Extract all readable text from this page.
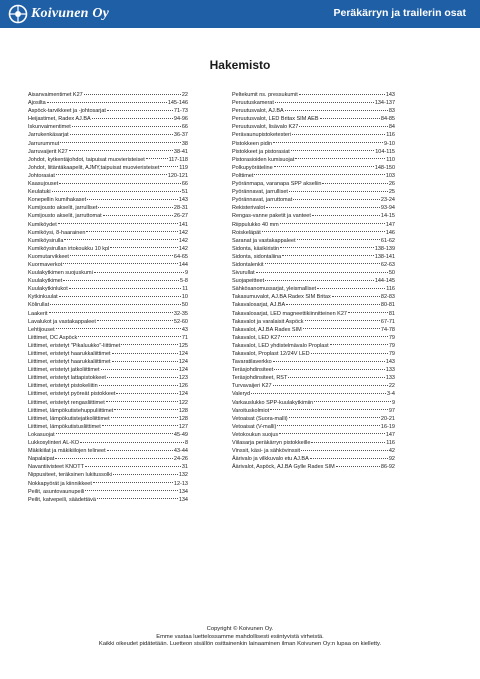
Koivunen Oy	Peräkärryn ja trailerin osat
Hakemisto
Aisanvaimentimet K27	22
Ajosilta	145-146
Aspöck-tarvikkeet ja -johtosarjat	71-73
Heijastimet, Radex AJ.BA	94-96
Iskunvaimentimet	66
Jarrukenkäsarjat	36-37
Jarrurummut	38
Jarruvaijerit K27	38-41
Johdot, kytkentäjohdot, taipuisat muovieristeiset	117-118
Johdot, liitäntäkaapelit, AJMY,taipuisat muovieristeiset	119
Johtorasiat	120-121
Kaasujouset	66
Keulatuki	51
Konepellin kumihakaset	143
Kumijousto akselit, jarrulliset	28-31
Kumijousto akselit, jarruttomat	26-27
Kumiköydet	141
Kumiköysi, 8-haarainen	142
Kumiköysirulla	142
Kumiköysirullan irtokoukku 10 kpl	142
Kuomutarvikkeet	64-65
Kuormaverkot	144
Kuulakytkimen suojuskumi	9
Kuulakytkimet	5-8
Kuulakytkinlukot	11
Kytkinkuulat	10
Kölirullat	50
Laakerit	32-35
Lavalukot ja vastakappaleet	52-60
Lehtijouset	43
Liittimet, DC Aspöck	71
Liittimet, eristetyt "Pikaluukko"-liittimet	125
Liittimet, eristetyt haarukkaliittimet	124
Liittimet, eristetyt haarukkaliittimet	124
Liittimet, eristetyt jatkoliittimet	124
Liittimet, eristetyt lattapistokkeet	123
Liittimet, eristetyt pistokeliitin	126
Liittimet, eristetyt pyöreät pistokkeet	124
Liittimet, eristetyt rengasliittimet	122
Liittimet, lämpökutistehuppuliittimet	128
Liittimet, lämpökutistejatkoliittimet	128
Liittimet, lämpökutistusliittimet	127
Lokasuojat	45-49
Lukkosylinteri AL-KO	8
Mäkikiilat ja mäkikiilojen telineet	43-44
Napalaipat	24-26
Navantiivisteet KNOTT	31
Nippusiteet, teräksinen lukitussolki	132
Nokkapyörät ja kiinnikkeet	12-13
Peilit, asuntovaunupeili	134
Peilit, katvepeili, säädettävä	134
Peltekumit ns. pressukumit	143
Peruutuskamerat	134-137
Peruutusvalot, AJ.BA	83
Peruutusvalot, LED Britax SIM AEB	84-85
Peruutusvalot, lisävalo K27	84
Perävaunupistoketesteri	116
Pistokkeen pidin	9-10
Pistokkeet ja pistorasiat	104-115
Pistorasioiden kumisuojat	110
Polkupyöräteline	148-150
Polttimet	103
Pyöränmapa, varanapa SPP akseliin	26
Pyörännavat, jarrulliset	25
Pyörännavat, jarruttomat	23-24
Rekisterivalot	93-94
Rengas-vanne paketit ja vanteet	14-15
Riippulukko 40 mm	147
Roiskeläpät	146
Saranat ja vastakappaleet	61-62
Sidonta, käsikiristin	138-139
Sidonta, sidontaliina	138-141
Sidontalenkit	62-63
Sivurullat	50
Suojapeitteet	144-145
Sähkösanomussarjat, yleismalliset	116
Takasumuvalot, AJ.BA Radex SIM Britax	82-83
Takavalosarjat, AJ.BA	80-81
Takavalosarjat, LED magneettikiinnitteinen K27	81
Takavalot ja varalaisit Aspöck	67-71
Takavalot, AJ.BA Radex SIM	74-78
Takavalot, LED K27	79
Takavalot, LED yhdistelmävalo Proplast	79
Takavalot, Proplast 12/24V LED	79
Tavaratilaverkko	143
Teräsjohdinsiteet	133
Teräsjohdinsiteet, RST	133
Turvavaijeri K27	22
Valeryd	3-4
Varkauslukko SPP-kuulakytkimiin	9
Varoituskolmiot	97
Vetoaisat (Suora-malli)	20-21
Vetoaisat (V-malli)	16-19
Vetokoukun suojus	147
Viilasarja peräkärryn pistokkeille	116
Vinssit, käsi- ja sähkövinssit	42
Äärivalo ja vilkkuvalo etu AJ.BA	92
Äärivalot, Aspöck, AJ.BA Gylle Radex SIM	86-92
Copyright © Koivunen Oy.
Emme vastaa luettelossamme mahdollisesti esiintyvistä virheistä.
Kaikki oikeudet pidätetään. Luetteon sisällön osittainenkin lainaaminen ilman Koivunen Oy:n lupaa on kielletty.
